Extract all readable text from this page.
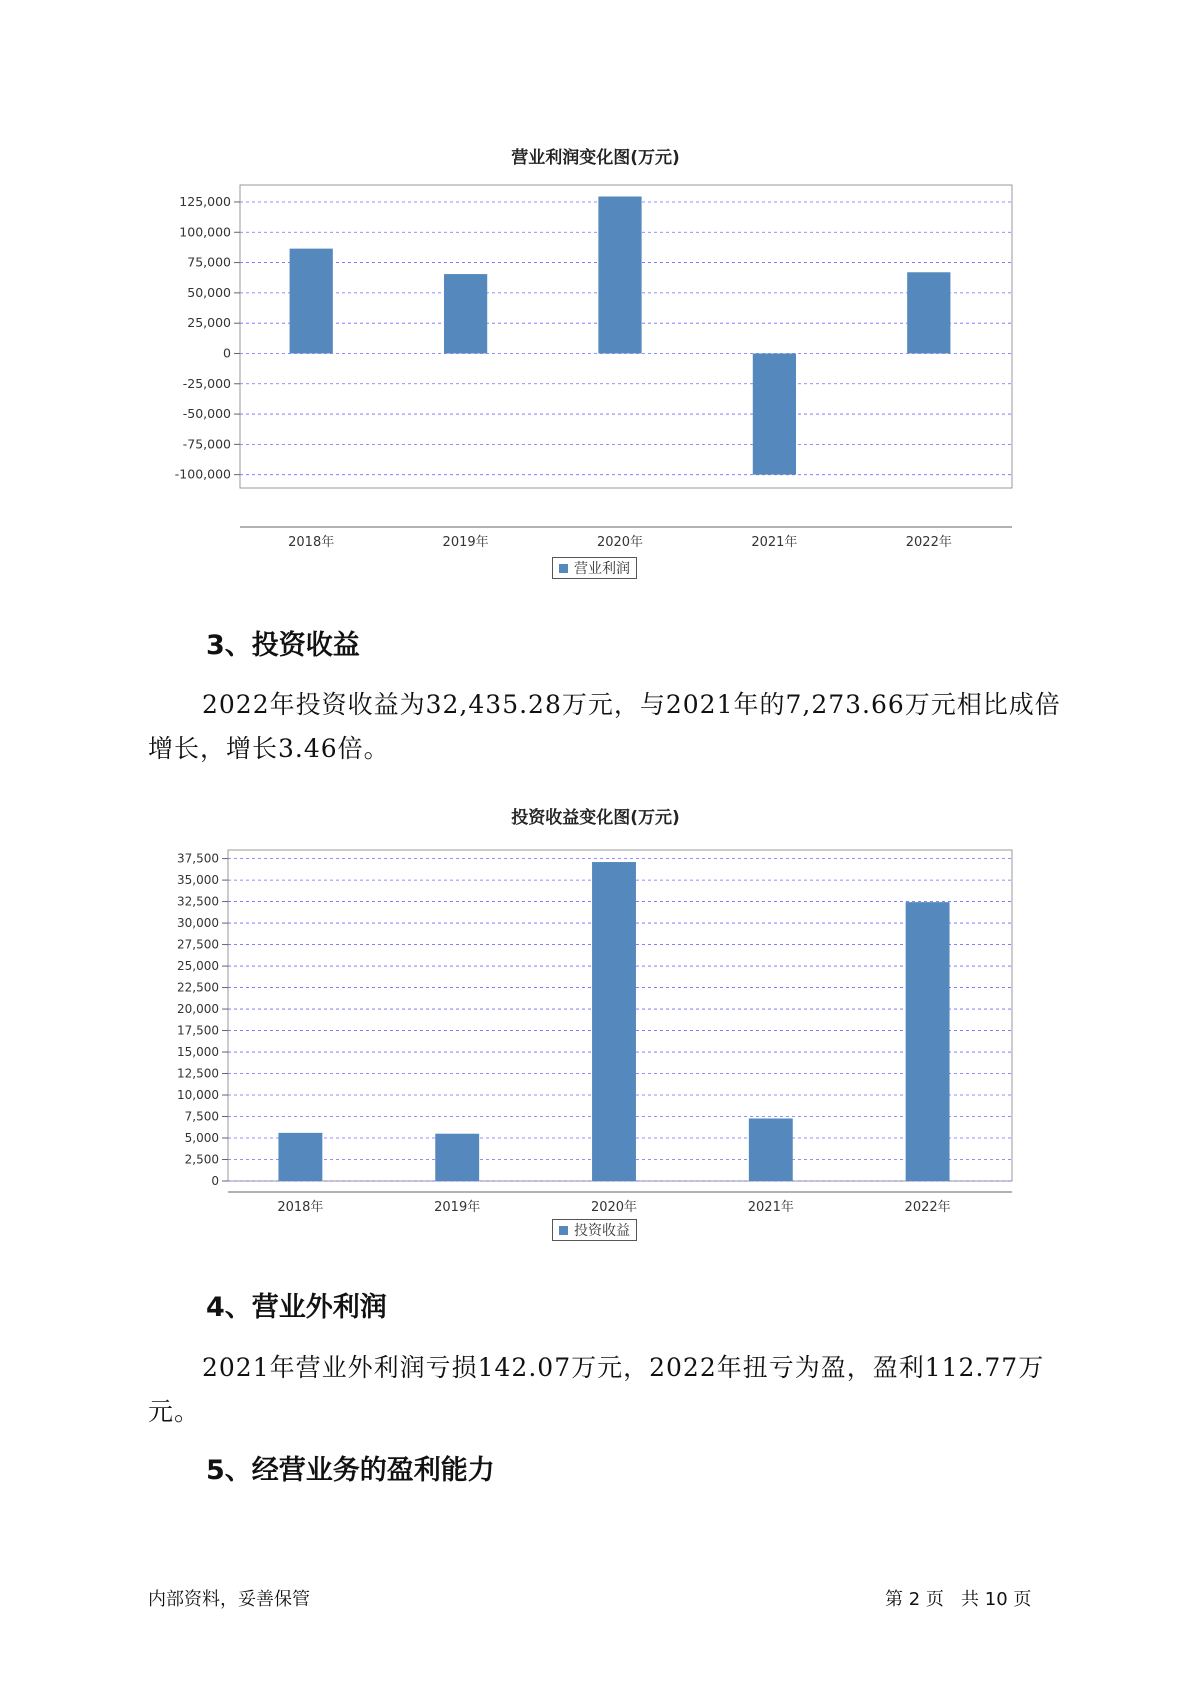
营业利润变化图(万元)
125,000
100,000
75,000
50,000
25,000
0
-25,000
-50,000
-75,000
-100,000
2018年	2019年	2020年	2021年	2022年
营业利润
3、投资收益
2022年投资收益为32,435.28万元，与2021年的7,273.66万元相比成倍增长，增长3.46倍。
投资收益变化图(万元)
37,500
35,000
32,500
30,000
27,500
25,000
22,500
20,000
17,500
15,000
12,500
10,000
7,500
5,000
2,500
0
2018年	2019年	2020年	2021年	2022年
投资收益
4、营业外利润
2021年营业外利润亏损142.07万元，2022年扭亏为盈，盈利112.77万元。
5、经营业务的盈利能力
内部资料，妥善保管	第 2 页   共 10 页
